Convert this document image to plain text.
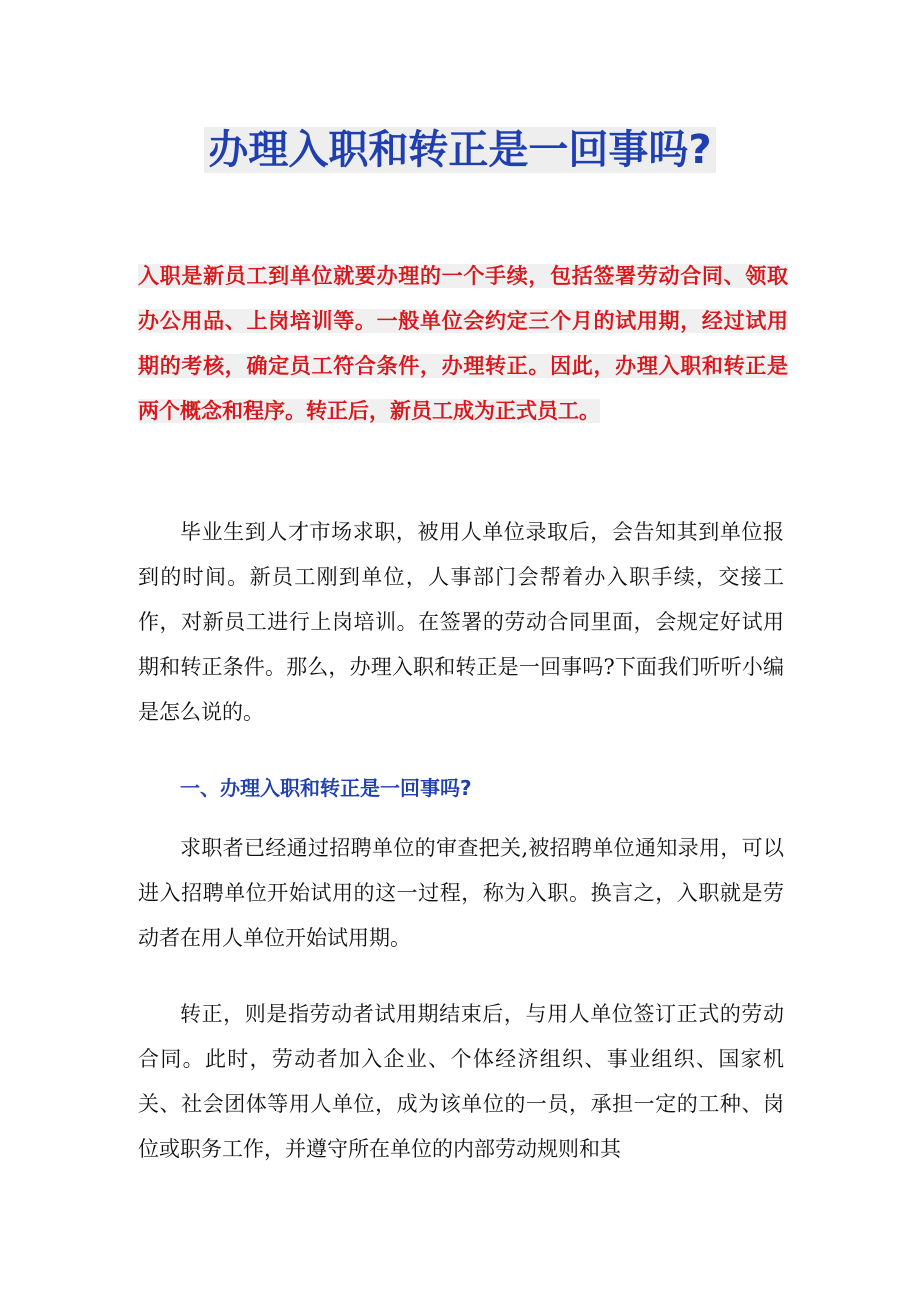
办理入职和转正是一回事吗?

入职是新员工到单位就要办理的一个手续，包括签署劳动合同、领取办公用品、上岗培训等。一般单位会约定三个月的试用期，经过试用期的考核，确定员工符合条件，办理转正。因此，办理入职和转正是两个概念和程序。转正后，新员工成为正式员工。

毕业生到人才市场求职，被用人单位录取后，会告知其到单位报到的时间。新员工刚到单位，人事部门会帮着办入职手续，交接工作，对新员工进行上岗培训。在签署的劳动合同里面，会规定好试用期和转正条件。那么，办理入职和转正是一回事吗?下面我们听听小编是怎么说的。

一、办理入职和转正是一回事吗?

求职者已经通过招聘单位的审查把关,被招聘单位通知录用，可以进入招聘单位开始试用的这一过程，称为入职。换言之，入职就是劳动者在用人单位开始试用期。

转正，则是指劳动者试用期结束后，与用人单位签订正式的劳动合同。此时，劳动者加入企业、个体经济组织、事业组织、国家机关、社会团体等用人单位，成为该单位的一员，承担一定的工种、岗位或职务工作，并遵守所在单位的内部劳动规则和其
